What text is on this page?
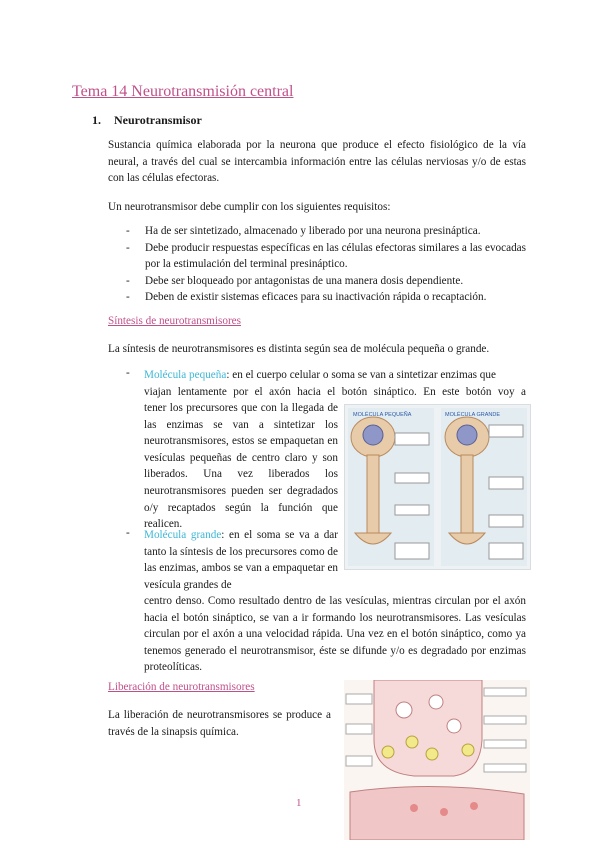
Tema 14 Neurotransmisión central
1. Neurotransmisor

Sustancia química elaborada por la neurona que produce el efecto fisiológico de la vía neural, a través del cual se intercambia información entre las células nerviosas y/o de estas con las células efectoras.

Un neurotransmisor debe cumplir con los siguientes requisitos:

- Ha de ser sintetizado, almacenado y liberado por una neurona presináptica.
- Debe producir respuestas específicas en las células efectoras similares a las evocadas por la estimulación del terminal presináptico.
- Debe ser bloqueado por antagonistas de una manera dosis dependiente.
- Deben de existir sistemas eficaces para su inactivación rápida o recaptación.
Síntesis de neurotransmisores

La síntesis de neurotransmisores es distinta según sea de molécula pequeña o grande.

- Molécula pequeña: en el cuerpo celular o soma se van a sintetizar enzimas que

viajan lentamente por el axón hacia el botón sináptico. En este botón voy a

tener los precursores que con la llegada de las enzimas se van a sintetizar los neurotransmisores, estos se empaquetan en vesículas pequeñas de centro claro y son liberados. Una vez liberados los neurotransmisores pueden ser degradados o/y recaptados según la función que realicen.

- Molécula grande: en el soma se va a dar tanto la síntesis de los precursores como de las enzimas, ambos se van a empaquetar en vesícula grandes de

centro denso. Como resultado dentro de las vesículas, mientras circulan por el axón hacia el botón sináptico, se van a ir formando los neurotransmisores. Las vesículas circulan por el axón a una velocidad rápida. Una vez en el botón sináptico, como ya tenemos generado el neurotransmisor, éste se difunde y/o es degradado por enzimas proteolíticas.

MOLÉCULA PEQUEÑA	MOLÉCULA GRANDE
Liberación de neurotransmisores

La liberación de neurotransmisores se produce a través de la sinapsis química.

1
